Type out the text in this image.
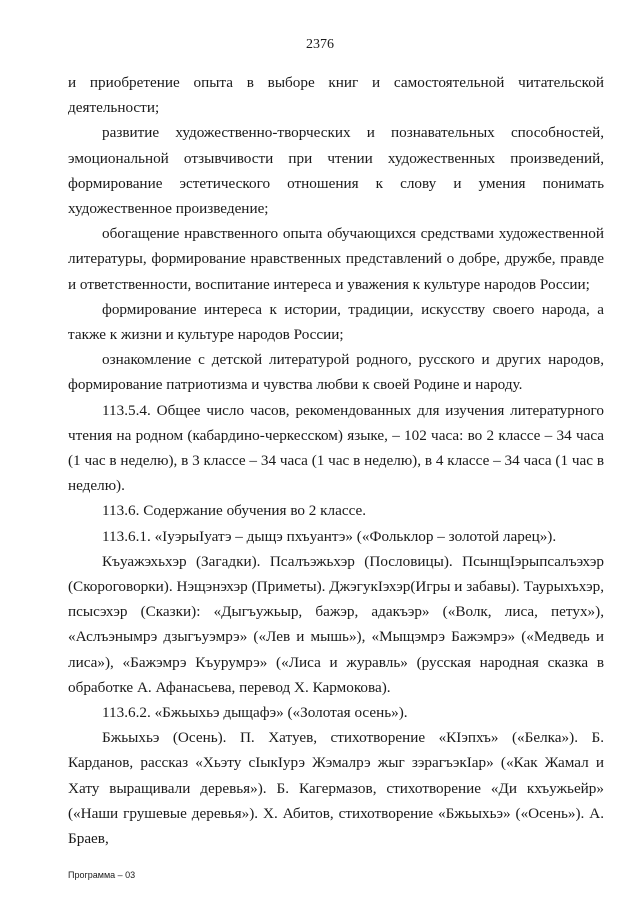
2376

и приобретение опыта в выборе книг и самостоятельной читательской деятельности;

развитие художественно-творческих и познавательных способностей, эмоциональной отзывчивости при чтении художественных произведений, формирование эстетического отношения к слову и умения понимать художественное произведение;

обогащение нравственного опыта обучающихся средствами художественной литературы, формирование нравственных представлений о добре, дружбе, правде и ответственности, воспитание интереса и уважения к культуре народов России;

формирование интереса к истории, традиции, искусству своего народа, а также к жизни и культуре народов России;

ознакомление с детской литературой родного, русского и других народов, формирование патриотизма и чувства любви к своей Родине и народу.

113.5.4. Общее число часов, рекомендованных для изучения литературного чтения на родном (кабардино-черкесском) языке, – 102 часа: во 2 классе – 34 часа (1 час в неделю), в 3 классе – 34 часа (1 час в неделю), в 4 классе – 34 часа (1 час в неделю).

113.6. Содержание обучения во 2 классе.

113.6.1. «IуэрыIуатэ – дыщэ пхъуантэ» («Фольклор – золотой ларец»).

Къуажэхьхэр (Загадки). Псалъэжьхэр (Пословицы). ПсынщIэрыпсалъэхэр (Скороговорки). Нэщэнэхэр (Приметы). ДжэгукIэхэр(Игры и забавы). Таурыхъхэр, псысэхэр (Сказки): «Дыгъужьыр, бажэр, адакъэр» («Волк, лиса, петух»), «Аслъэнымрэ дзыгъуэмрэ» («Лев и мышь»), «Мыщэмрэ Бажэмрэ» («Медведь и лиса»), «Бажэмрэ Къурумрэ» («Лиса и журавль» (русская народная сказка в обработке А. Афанасьева, перевод Х. Кармокова).

113.6.2. «Бжьыхьэ дыщафэ» («Золотая осень»).

Бжьыхьэ (Осень). П. Хатуев, стихотворение «КIэпхъ» («Белка»). Б. Карданов, рассказ «Хьэту сIыкIурэ Жэмалрэ жыг зэрагъэкIар» («Как Жамал и Хату выращивали деревья»). Б. Кагермазов, стихотворение «Ди кхъужьейр» («Наши грушевые деревья»). Х. Абитов, стихотворение «Бжьыхьэ» («Осень»). А. Браев,

Программа – 03
